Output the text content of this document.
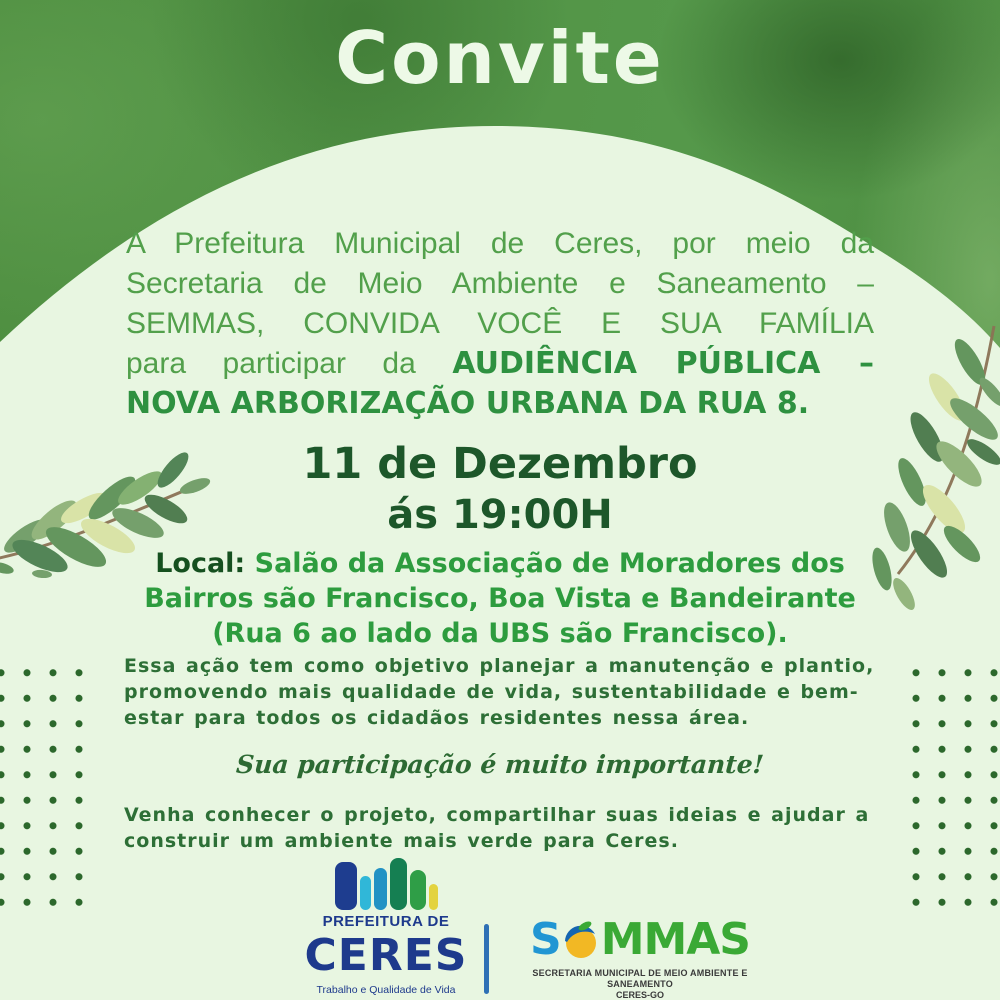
Convite
A Prefeitura Municipal de Ceres, por meio da
Secretaria de Meio Ambiente e Saneamento –
SEMMAS, CONVIDA VOCÊ E SUA FAMÍLIA
para participar da AUDIÊNCIA PÚBLICA –
NOVA ARBORIZAÇÃO URBANA DA RUA 8.
11 de Dezembro
ás 19:00H
Local: Salão da Associação de Moradores dos
Bairros são Francisco, Boa Vista e Bandeirante
(Rua 6 ao lado da UBS são Francisco).
Essa ação tem como objetivo planejar a manutenção e plantio,
promovendo mais qualidade de vida, sustentabilidade e bem-
estar para todos os cidadãos residentes nessa área.
Sua participação é muito importante!
Venha conhecer o projeto, compartilhar suas ideias e ajudar a
construir um ambiente mais verde para Ceres.
PREFEITURA DE
CERES
Trabalho e Qualidade de Vida
S MMAS
SECRETARIA MUNICIPAL DE MEIO AMBIENTE E SANEAMENTO
CERES-GO
